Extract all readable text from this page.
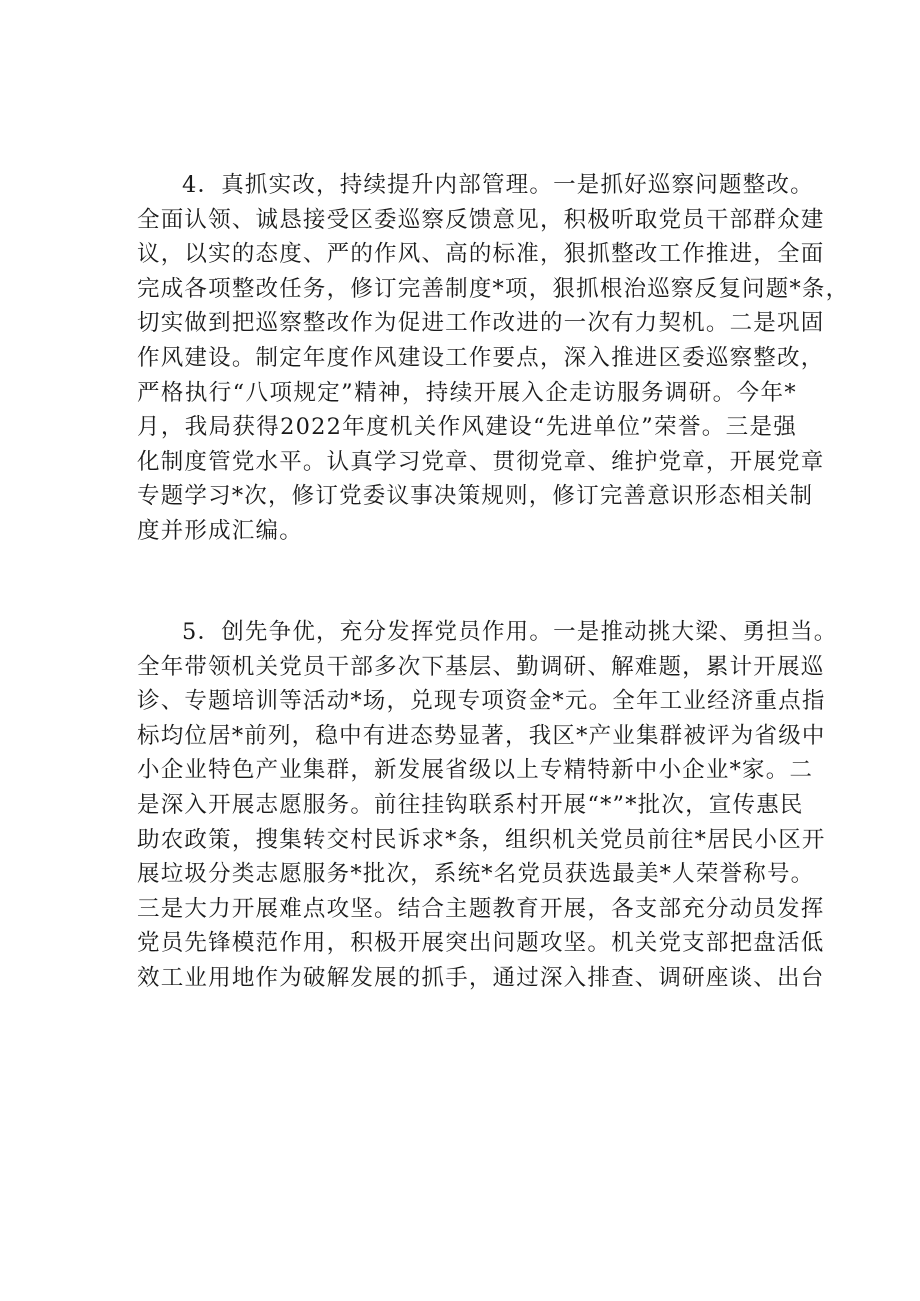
4 ． 真 抓 实 改 ， 持 续 提 升 内 部 管 理 。 一 是 抓 好 巡 察 问 题 整 改 。
全 面 认 领 、 诚 恳 接 受 区 委 巡 察 反 馈 意 见 ， 积 极 听 取 党 员 干 部 群 众 建
议 ， 以 实 的 态 度 、 严 的 作 风 、 高 的 标 准 ， 狠 抓 整 改 工 作 推 进 ， 全 面
完 成 各 项 整 改 任 务 ， 修 订 完 善 制 度 * 项 ， 狠 抓 根 治 巡 察 反 复 问 题 * 条 ，
切 实 做 到 把 巡 察 整 改 作 为 促 进 工 作 改 进 的 一 次 有 力 契 机 。 二 是 巩 固
作 风 建 设 。 制 定 年 度 作 风 建 设 工 作 要 点 ， 深 入 推 进 区 委 巡 察 整 改 ，
严 格 执 行 “ 八 项 规 定 ” 精 神 ， 持 续 开 展 入 企 走 访 服 务 调 研 。 今 年 *
月 ， 我 局 获 得 2022 年 度 机 关 作 风 建 设 “ 先 进 单 位 ” 荣 誉 。 三 是 强
化 制 度 管 党 水 平 。 认 真 学 习 党 章 、 贯 彻 党 章 、 维 护 党 章 ， 开 展 党 章
专 题 学 习 * 次 ， 修 订 党 委 议 事 决 策 规 则 ， 修 订 完 善 意 识 形 态 相 关 制
度并形成汇编。
5 ． 创 先 争 优 ， 充 分 发 挥 党 员 作 用 。 一 是 推 动 挑 大 梁 、 勇 担 当 。
全 年 带 领 机 关 党 员 干 部 多 次 下 基 层 、 勤 调 研 、 解 难 题 ， 累 计 开 展 巡
诊 、 专 题 培 训 等 活 动 * 场 ， 兑 现 专 项 资 金 * 元 。 全 年 工 业 经 济 重 点 指
标 均 位 居 * 前 列 ， 稳 中 有 进 态 势 显 著 ， 我 区 * 产 业 集 群 被 评 为 省 级 中
小 企 业 特 色 产 业 集 群 ， 新 发 展 省 级 以 上 专 精 特 新 中 小 企 业 * 家 。 二
是 深 入 开 展 志 愿 服 务 。 前 往 挂 钩 联 系 村 开 展 “ * ” * 批 次 ， 宣 传 惠 民
助 农 政 策 ， 搜 集 转 交 村 民 诉 求 * 条 ， 组 织 机 关 党 员 前 往 * 居 民 小 区 开
展 垃 圾 分 类 志 愿 服 务 * 批 次 ， 系 统 * 名 党 员 获 选 最 美 * 人 荣 誉 称 号 。
三 是 大 力 开 展 难 点 攻 坚 。 结 合 主 题 教 育 开 展 ， 各 支 部 充 分 动 员 发 挥
党 员 先 锋 模 范 作 用 ， 积 极 开 展 突 出 问 题 攻 坚 。 机 关 党 支 部 把 盘 活 低
效 工 业 用 地 作 为 破 解 发 展 的 抓 手 ， 通 过 深 入 排 查 、 调 研 座 谈 、 出 台
